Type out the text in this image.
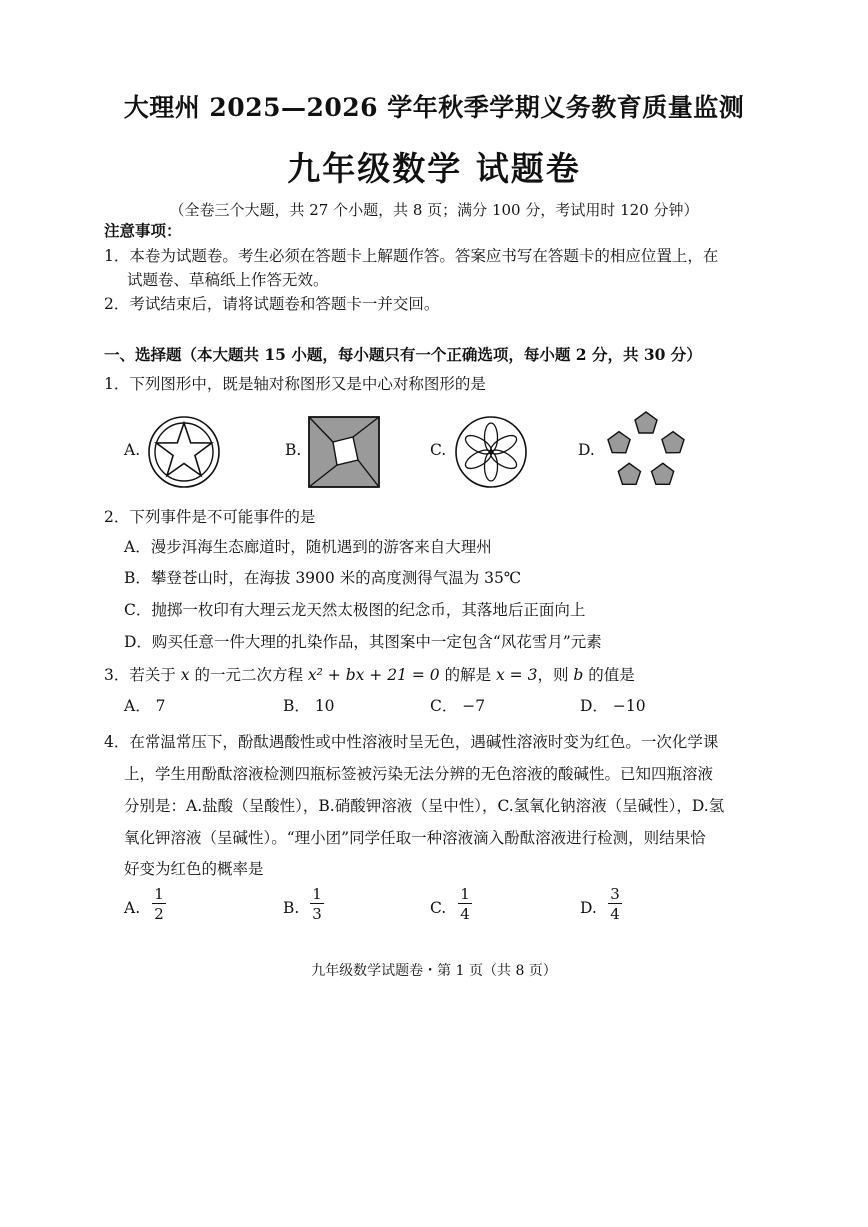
大理州 2025—2026 学年秋季学期义务教育质量监测
九年级数学 试题卷
（全卷三个大题，共 27 个小题，共 8 页；满分 100 分，考试用时 120 分钟）
注意事项：
1．本卷为试题卷。考生必须在答题卡上解题作答。答案应书写在答题卡的相应位置上，在
试题卷、草稿纸上作答无效。
2．考试结束后，请将试题卷和答题卡一并交回。
一、选择题（本大题共 15 小题，每小题只有一个正确选项，每小题 2 分，共 30 分）
1．下列图形中，既是轴对称图形又是中心对称图形的是
A.	B.	C.	D.
2．下列事件是不可能事件的是
A．漫步洱海生态廊道时，随机遇到的游客来自大理州
B．攀登苍山时，在海拔 3900 米的高度测得气温为 35℃
C．抛掷一枚印有大理云龙天然太极图的纪念币，其落地后正面向上
D．购买任意一件大理的扎染作品，其图案中一定包含“风花雪月”元素
3．若关于 x 的一元二次方程 x² + bx + 21 = 0 的解是 x = 3，则 b 的值是
A． 7	B． 10	C． −7	D． −10
4．在常温常压下，酚酞遇酸性或中性溶液时呈无色，遇碱性溶液时变为红色。一次化学课
上，学生用酚酞溶液检测四瓶标签被污染无法分辨的无色溶液的酸碱性。已知四瓶溶液
分别是：A.盐酸（呈酸性），B.硝酸钾溶液（呈中性），C.氢氧化钠溶液（呈碱性），D.氢
氧化钾溶液（呈碱性）。“理小团”同学任取一种溶液滴入酚酞溶液进行检测，则结果恰
好变为红色的概率是
A. $\frac{1}{2}$	B. $\frac{1}{3}$	C. $\frac{1}{4}$	D. $\frac{3}{4}$
九年级数学试题卷・第 1 页（共 8 页）
